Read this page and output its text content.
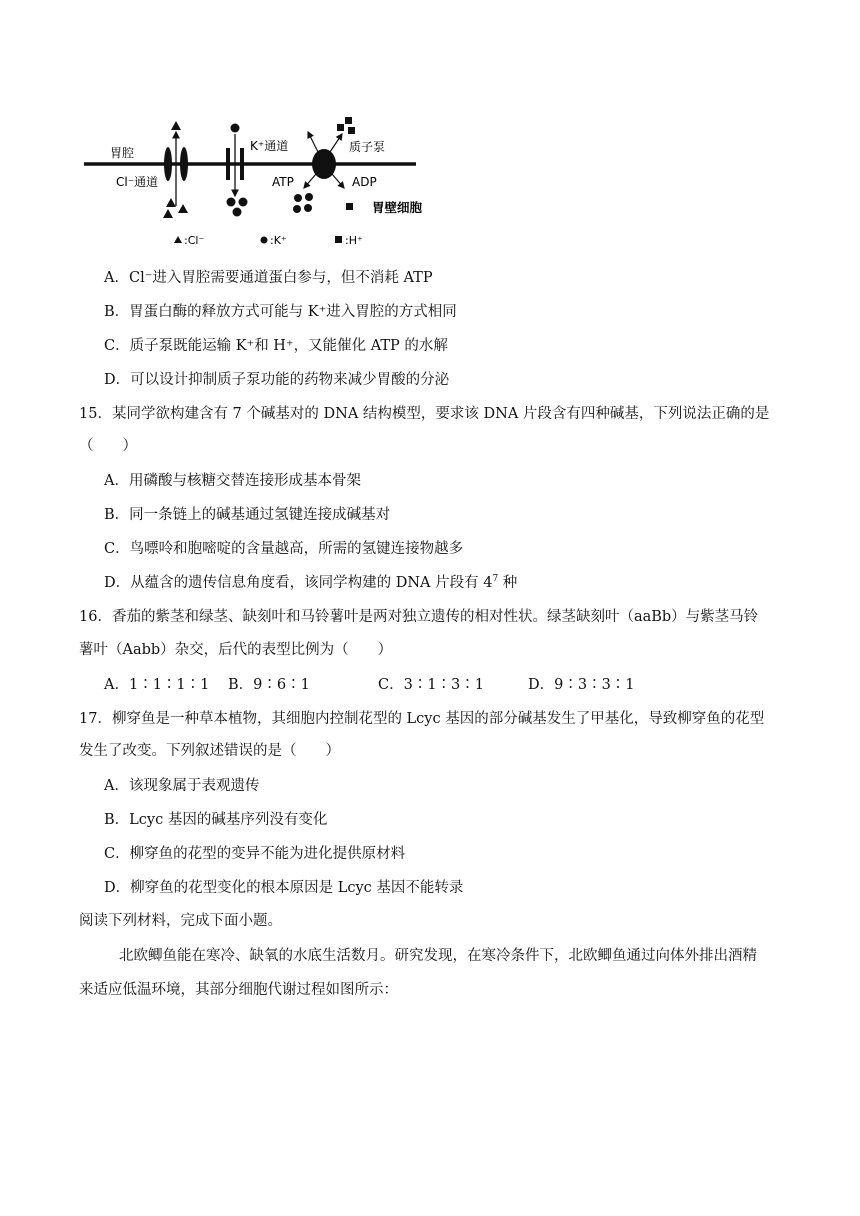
胃腔
Cl⁻通道
K⁺通道	质子泵
ATP	ADP
胃壁细胞
:Cl⁻	:K⁺	:H⁺
A．Cl⁻进入胃腔需要通道蛋白参与，但不消耗 ATP
B．胃蛋白酶的释放方式可能与 K⁺进入胃腔的方式相同
C．质子泵既能运输 K⁺和 H⁺，又能催化 ATP 的水解
D．可以设计抑制质子泵功能的药物来减少胃酸的分泌
15．某同学欲构建含有 7 个碱基对的 DNA 结构模型，要求该 DNA 片段含有四种碱基，下列说法正确的是
（　　）
A．用磷酸与核糖交替连接形成基本骨架
B．同一条链上的碱基通过氢键连接成碱基对
C．鸟嘌呤和胞嘧啶的含量越高，所需的氢键连接物越多
D．从蕴含的遗传信息角度看，该同学构建的 DNA 片段有 $4^7$ 种
16．香茄的紫茎和绿茎、缺刻叶和马铃薯叶是两对独立遗传的相对性状。绿茎缺刻叶（aaBb）与紫茎马铃
薯叶（Aabb）杂交，后代的表型比例为（　　）
A．1∶1∶1∶1 B．9∶6∶1	C．3∶1∶3∶1	D．9∶3∶3∶1
17．柳穿鱼是一种草本植物，其细胞内控制花型的 Lcyc 基因的部分碱基发生了甲基化，导致柳穿鱼的花型
发生了改变。下列叙述错误的是（　　）
A．该现象属于表观遗传
B．Lcyc 基因的碱基序列没有变化
C．柳穿鱼的花型的变异不能为进化提供原材料
D．柳穿鱼的花型变化的根本原因是 Lcyc 基因不能转录
阅读下列材料，完成下面小题。
北欧鲫鱼能在寒冷、缺氧的水底生活数月。研究发现，在寒冷条件下，北欧鲫鱼通过向体外排出酒精
来适应低温环境，其部分细胞代谢过程如图所示：
